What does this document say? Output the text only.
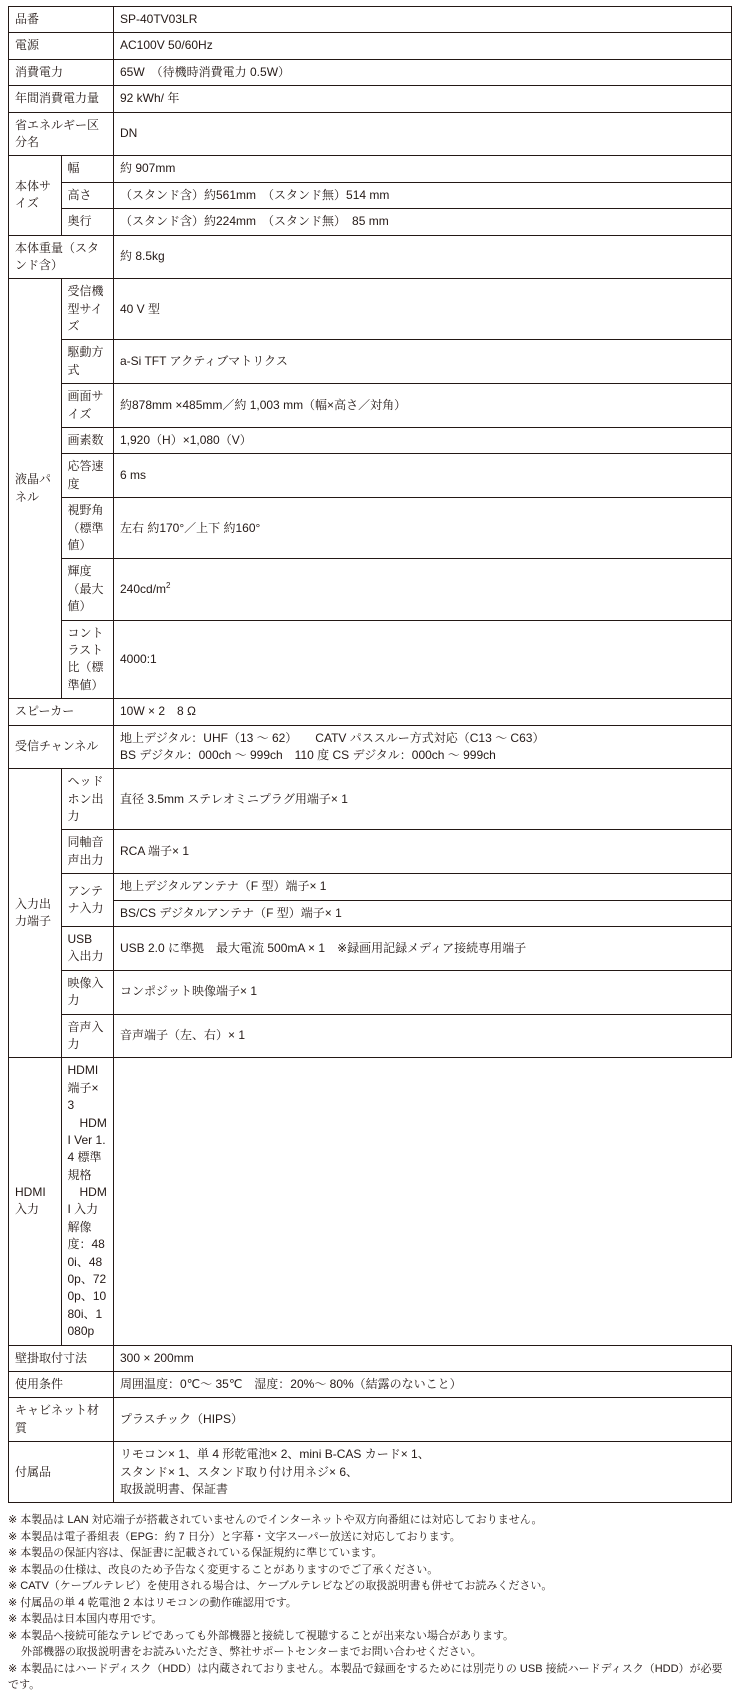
品番		SP-40TV03LR
電源		AC100V 50/60Hz
消費電力		65W　（待機時消費電力 0.5W）
年間消費電力量		92 kWh/ 年
省エネルギー区分名		DN
本体サイズ	幅	約 907mm
	高さ	（スタンド含）約561mm　（スタンド無）514 mm
	奥行	（スタンド含）約224mm　（スタンド無）　85 mm
本体重量（スタンド含）		約 8.5kg
液晶パネル	受信機型サイズ	40 V 型
	駆動方式	a-Si TFT アクティブマトリクス
	画面サイズ	約878mm ×485mm／約 1,003 mm（幅×高さ／対角）
	画素数	1,920（H）×1,080（V）
	応答速度	6 ms
	視野角（標準値）	左右 約170°／上下 約160°
	輝度（最大値）	$240cd/m^2$
	コントラスト比（標準値）	4000:1
スピーカー		10W × 2　8 Ω
受信チャンネル		地上デジタル：UHF（13 〜 62）　　CATV パススルー方式対応（C13 〜 C63）
BS デジタル：000ch 〜 999ch　110 度 CS デジタル：000ch 〜 999ch

入力出力端子	ヘッドホン出力	直径 3.5mm ステレオミニプラグ用端子× 1
	同軸音声出力	RCA 端子× 1
	アンテナ入力	地上デジタルアンテナ（F 型）端子× 1
		BS/CS デジタルアンテナ（F 型）端子× 1
	USB 入出力	USB 2.0 に準拠　最大電流 500mA × 1　※録画用記録メディア接続専用端子
	映像入力	コンポジット映像端子× 1
	音声入力	音声端子（左、右）× 1
HDMI 入力	HDMI 端子× 3
　HDMI Ver 1.4 標準規格
　HDMI 入力解像度：480i、480p、720p、1080i、1080p	

壁掛取付寸法		300 × 200mm
使用条件		周囲温度：0℃〜 35℃　湿度：20%〜 80%（結露のないこと）
キャビネット材質		プラスチック（HIPS）
付属品		リモコン× 1、単 4 形乾電池× 2、mini B-CAS カード× 1、
スタンド× 1、スタンド取り付け用ネジ× 6、
取扱説明書、保証書
※ 本製品は LAN 対応端子が搭載されていませんのでインターネットや双方向番組には対応しておりません。
※ 本製品は電子番組表（EPG：約 7 日分）と字幕・文字スーパー放送に対応しております。
※ 本製品の保証内容は、保証書に記載されている保証規約に準じています。
※ 本製品の仕様は、改良のため予告なく変更することがありますのでご了承ください。
※ CATV（ケーブルテレビ）を使用される場合は、ケーブルテレビなどの取扱説明書も併せてお読みください。
※ 付属品の単 4 乾電池 2 本はリモコンの動作確認用です。
※ 本製品は日本国内専用です。
※ 本製品へ接続可能なテレビであっても外部機器と接続して視聴することが出来ない場合があります。
外部機器の取扱説明書をお読みいただき、弊社サポートセンターまでお問い合わせください。
※ 本製品にはハードディスク（HDD）は内蔵されておりません。本製品で録画をするためには別売りの USB 接続ハードディスク（HDD）が必要です。
